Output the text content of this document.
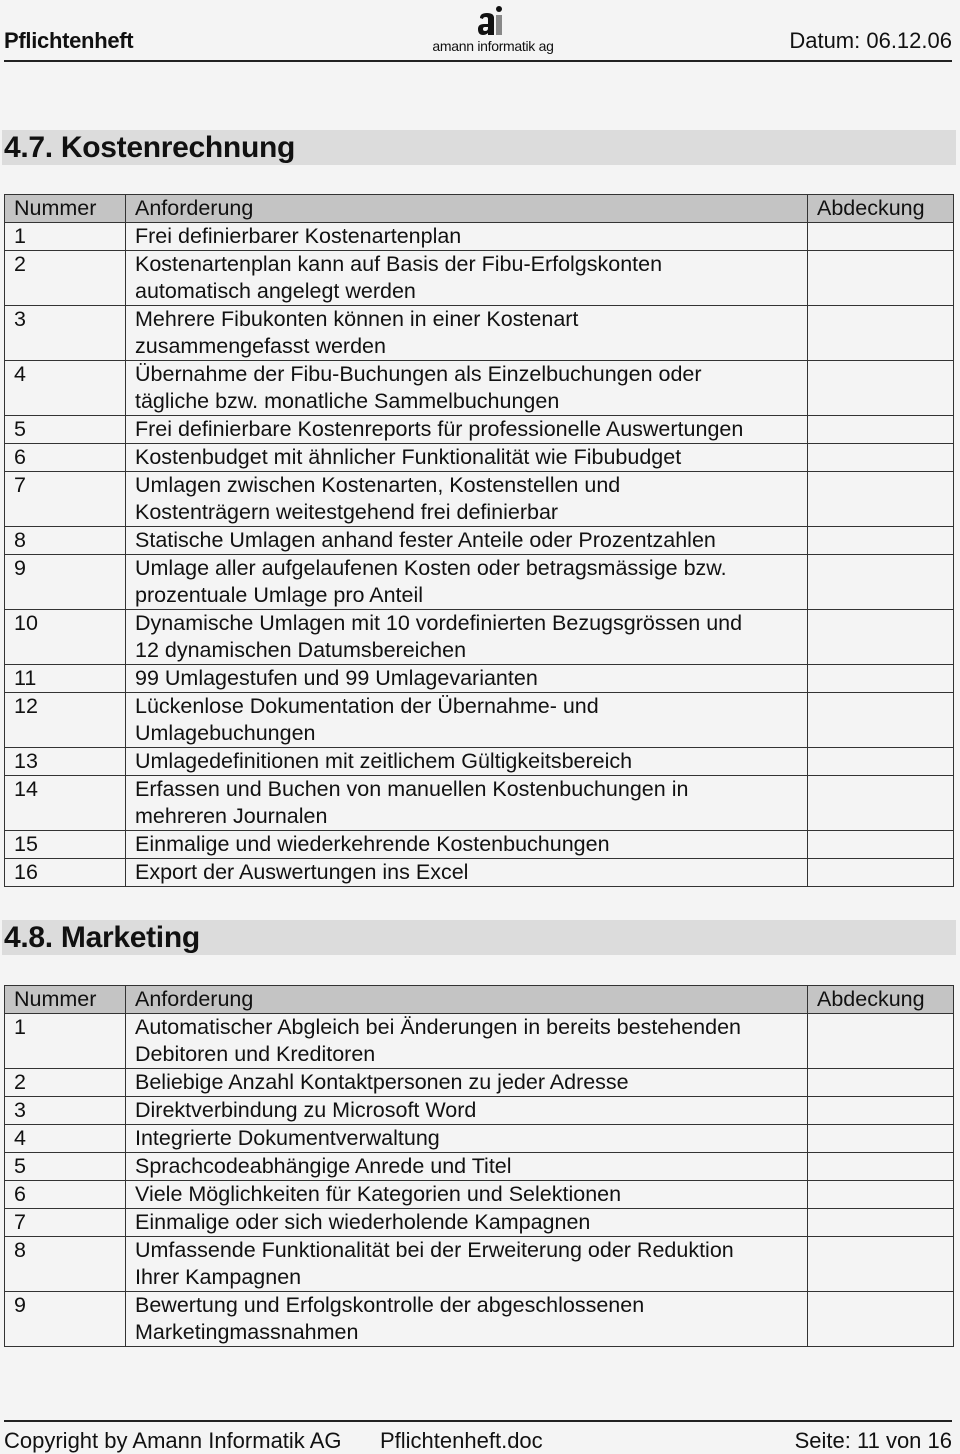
Pflichtenheft	amann informatik ag	Datum: 06.12.06
4.7. Kostenrechnung
Nummer	Anforderung	Abdeckung
1	Frei definierbarer Kostenartenplan	
2	Kostenartenplan kann auf Basis der Fibu-Erfolgskonten
automatisch angelegt werden	
3	Mehrere Fibukonten können in einer Kostenart
zusammengefasst werden	
4	Übernahme der Fibu-Buchungen als Einzelbuchungen oder
tägliche bzw. monatliche Sammelbuchungen	
5	Frei definierbare Kostenreports für professionelle Auswertungen	
6	Kostenbudget mit ähnlicher Funktionalität wie Fibubudget	
7	Umlagen zwischen Kostenarten, Kostenstellen und
Kostenträgern weitestgehend frei definierbar	
8	Statische Umlagen anhand fester Anteile oder Prozentzahlen	
9	Umlage aller aufgelaufenen Kosten oder betragsmässige bzw.
prozentuale Umlage pro Anteil	
10	Dynamische Umlagen mit 10 vordefinierten Bezugsgrössen und
12 dynamischen Datumsbereichen	
11	99 Umlagestufen und 99 Umlagevarianten	
12	Lückenlose Dokumentation der Übernahme- und
Umlagebuchungen	
13	Umlagedefinitionen mit zeitlichem Gültigkeitsbereich	
14	Erfassen und Buchen von manuellen Kostenbuchungen in
mehreren Journalen	
15	Einmalige und wiederkehrende Kostenbuchungen	
16	Export der Auswertungen ins Excel	
4.8. Marketing
Nummer	Anforderung	Abdeckung
1	Automatischer Abgleich bei Änderungen in bereits bestehenden
Debitoren und Kreditoren	
2	Beliebige Anzahl Kontaktpersonen zu jeder Adresse	
3	Direktverbindung zu Microsoft Word	
4	Integrierte Dokumentverwaltung	
5	Sprachcodeabhängige Anrede und Titel	
6	Viele Möglichkeiten für Kategorien und Selektionen	
7	Einmalige oder sich wiederholende Kampagnen	
8	Umfassende Funktionalität bei der Erweiterung oder Reduktion
Ihrer Kampagnen	
9	Bewertung und Erfolgskontrolle der abgeschlossenen
Marketingmassnahmen	
Copyright by Amann Informatik AG Pflichtenheft.doc	Seite: 11 von 16
